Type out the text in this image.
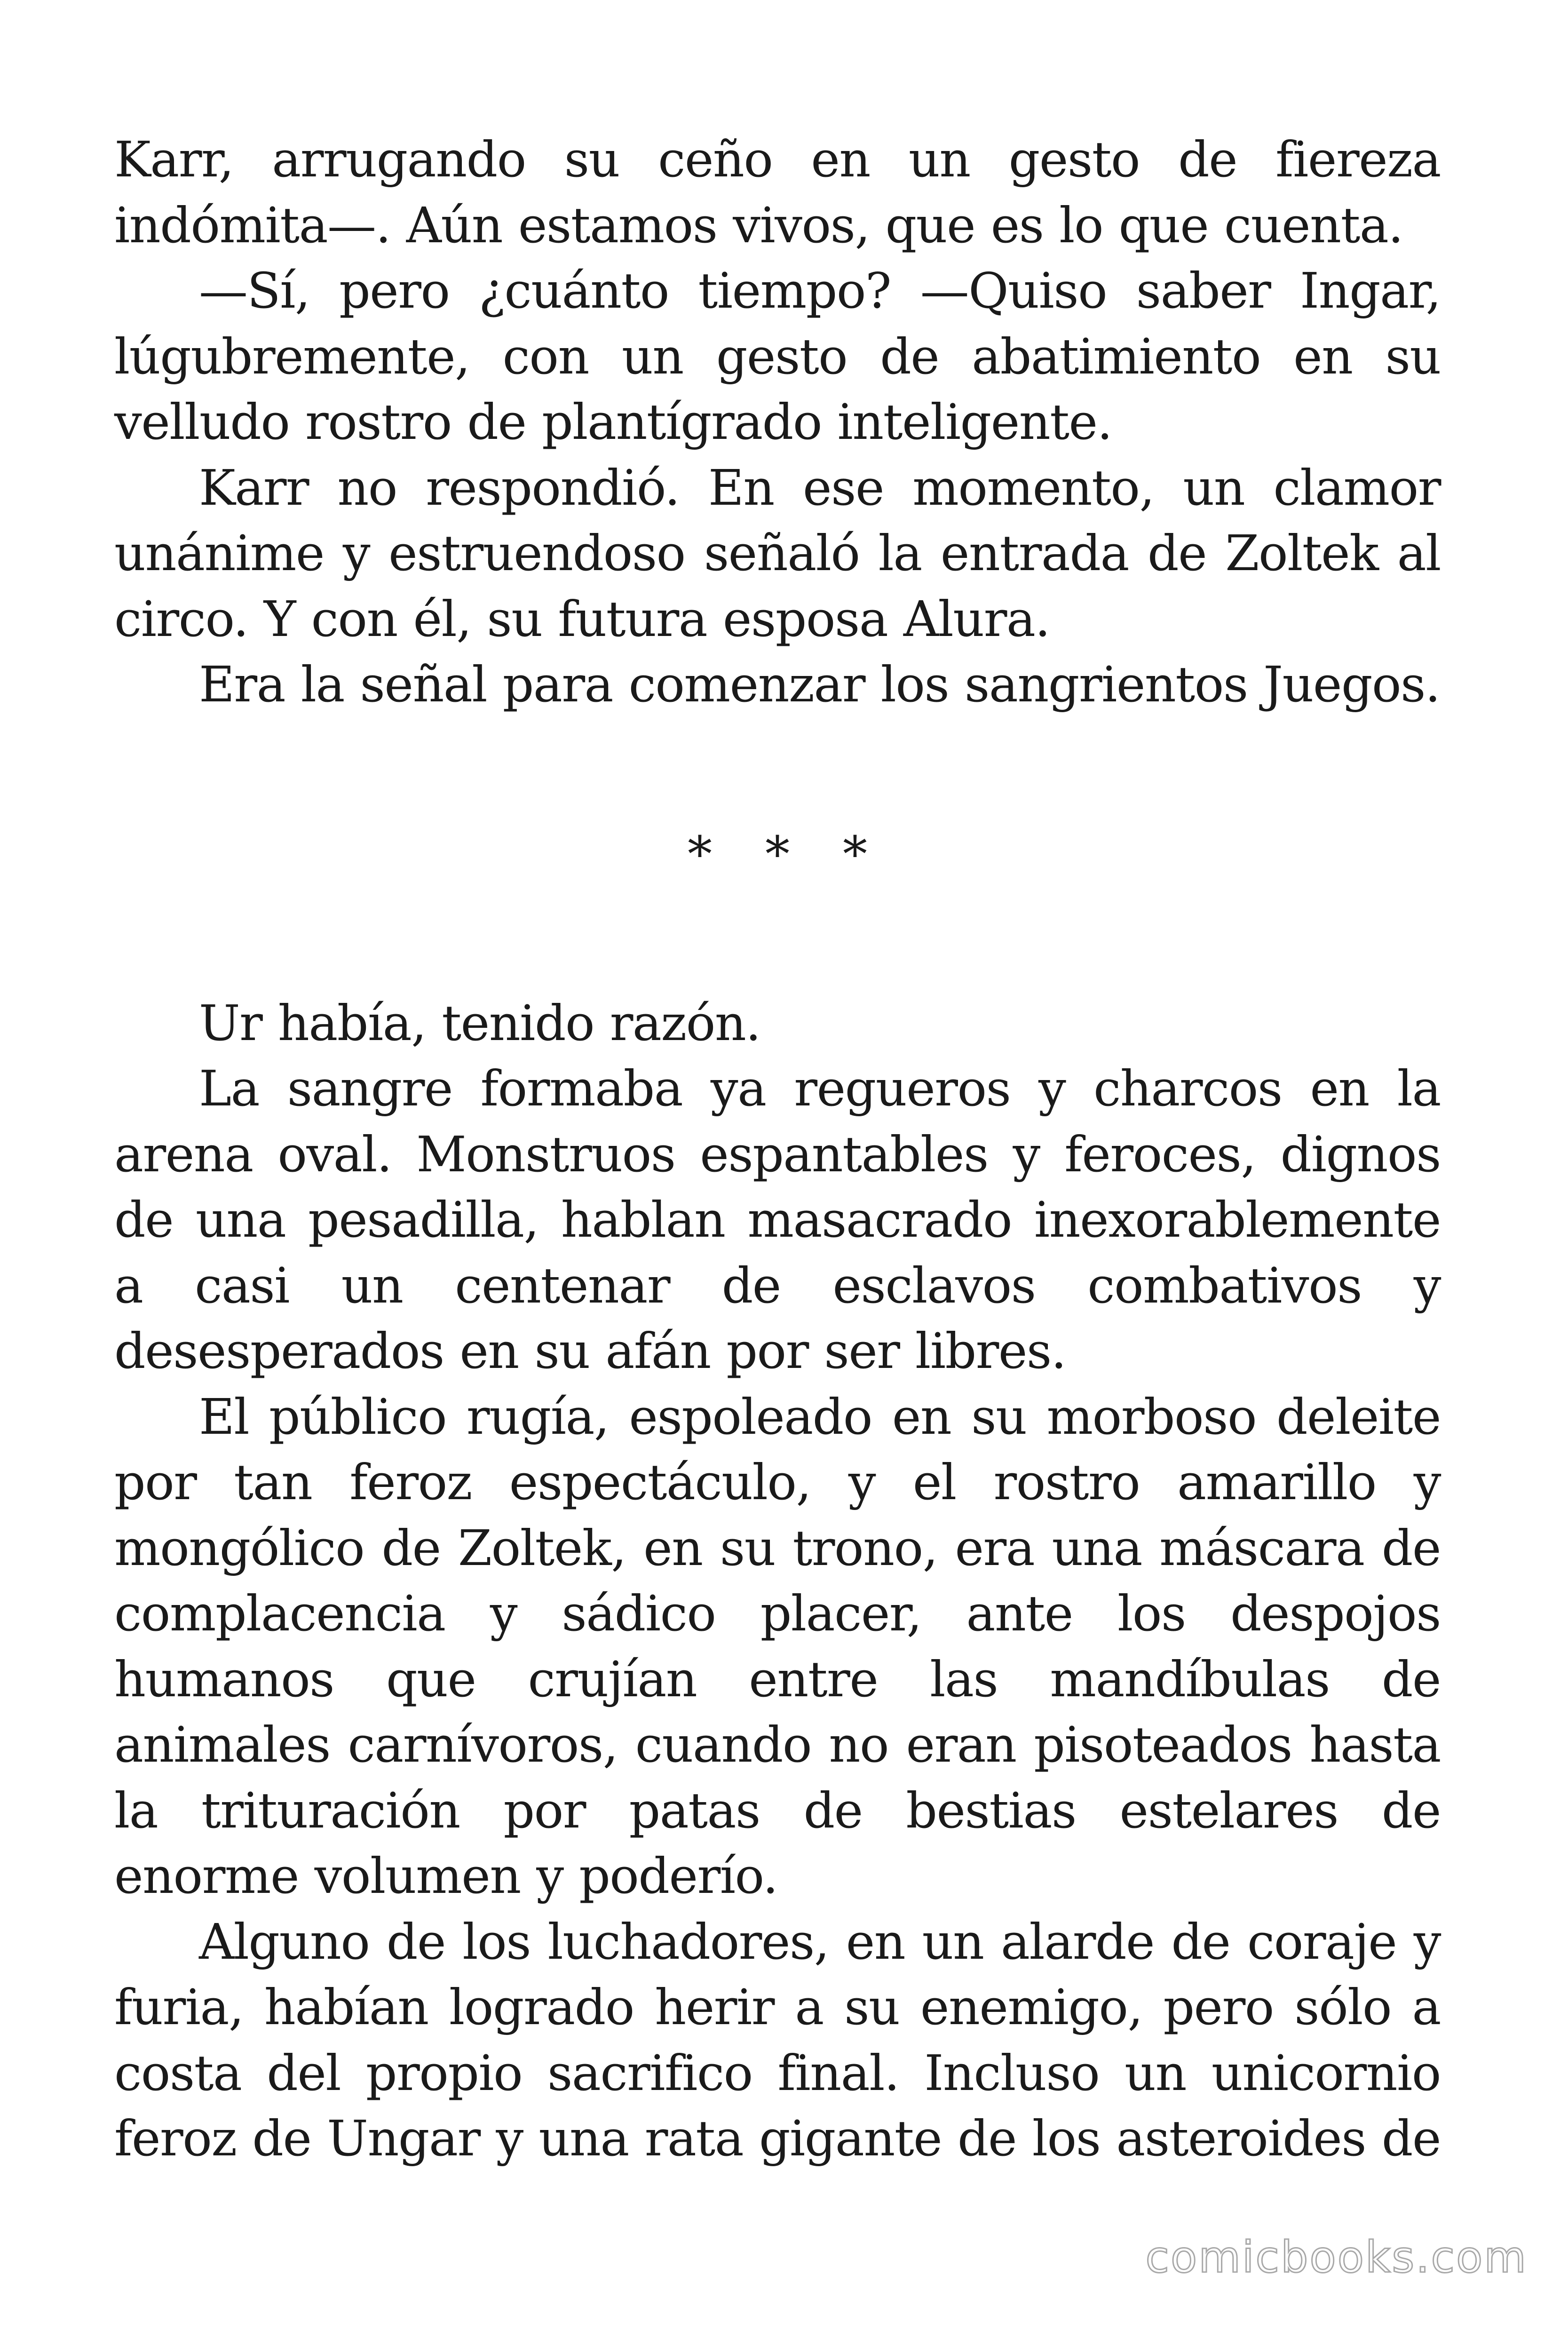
Karr, arrugando su ceño en un gesto de fiereza indómita—. Aún estamos vivos, que es lo que cuenta.

—Sí, pero ¿cuánto tiempo? —Quiso saber Ingar, lúgubremente, con un gesto de abatimiento en su velludo rostro de plantígrado inteligente.

Karr no respondió. En ese momento, un clamor unánime y estruendoso señaló la entrada de Zoltek al circo. Y con él, su futura esposa Alura.

Era la señal para comenzar los sangrientos Juegos.

* * *

Ur había, tenido razón.

La sangre formaba ya regueros y charcos en la arena oval. Monstruos espantables y feroces, dignos de una pesadilla, hablan masacrado inexorablemente a casi un centenar de esclavos combativos y desesperados en su afán por ser libres.

El público rugía, espoleado en su morboso deleite por tan feroz espectáculo, y el rostro amarillo y mongólico de Zoltek, en su trono, era una máscara de complacencia y sádico placer, ante los despojos humanos que crujían entre las mandíbulas de animales carnívoros, cuando no eran pisoteados hasta la trituración por patas de bestias estelares de enorme volumen y poderío.

Alguno de los luchadores, en un alarde de coraje y furia, habían logrado herir a su enemigo, pero sólo a costa del propio sacrifico final. Incluso un unicornio feroz de Ungar y una rata gigante de los asteroides de

comicbooks.com
